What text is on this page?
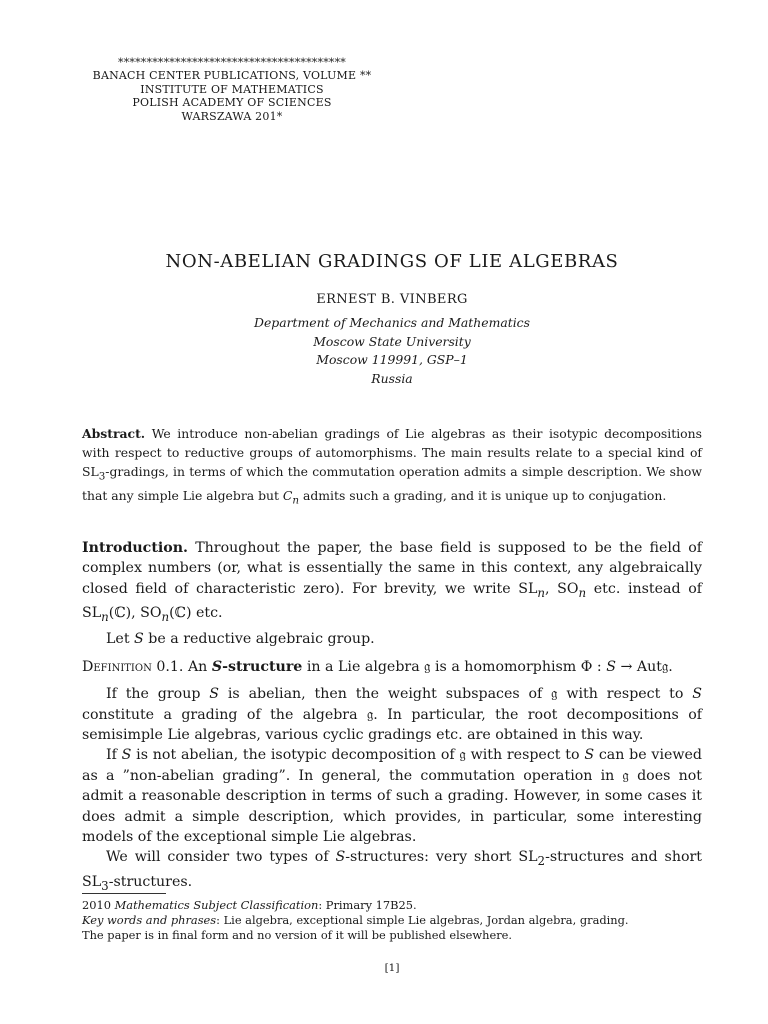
****************************************
BANACH CENTER PUBLICATIONS, VOLUME **
INSTITUTE OF MATHEMATICS
POLISH ACADEMY OF SCIENCES
WARSZAWA 201*
NON-ABELIAN GRADINGS OF LIE ALGEBRAS
ERNEST B. VINBERG
Department of Mechanics and Mathematics
Moscow State University
Moscow 119991, GSP–1
Russia
Abstract. We introduce non-abelian gradings of Lie algebras as their isotypic decompositions with respect to reductive groups of automorphisms. The main results relate to a special kind of $SL_3$-gradings, in terms of which the commutation operation admits a simple description. We show that any simple Lie algebra but $C_n$ admits such a grading, and it is unique up to conjugation.

Introduction. Throughout the paper, the base field is supposed to be the field of complex numbers (or, what is essentially the same in this context, any algebraically closed field of characteristic zero). For brevity, we write $SL_n$, $SO_n$ etc. instead of $SL_n(ℂ)$, $SO_n(ℂ)$ etc.

Let S be a reductive algebraic group.

Definition 0.1. An S-structure in a Lie algebra 𝔤 is a homomorphism Φ : S → Aut𝔤.

If the group S is abelian, then the weight subspaces of 𝔤 with respect to S constitute a grading of the algebra 𝔤. In particular, the root decompositions of semisimple Lie algebras, various cyclic gradings etc. are obtained in this way.

If S is not abelian, the isotypic decomposition of 𝔤 with respect to S can be viewed as a ”non-abelian grading”. In general, the commutation operation in 𝔤 does not admit a reasonable description in terms of such a grading. However, in some cases it does admit a simple description, which provides, in particular, some interesting models of the exceptional simple Lie algebras.

We will consider two types of S-structures: very short $SL_2$-structures and short $SL_3$-structures.

2010 Mathematics Subject Classification: Primary 17B25.
Key words and phrases: Lie algebra, exceptional simple Lie algebras, Jordan algebra, grading.
The paper is in final form and no version of it will be published elsewhere.
[1]
